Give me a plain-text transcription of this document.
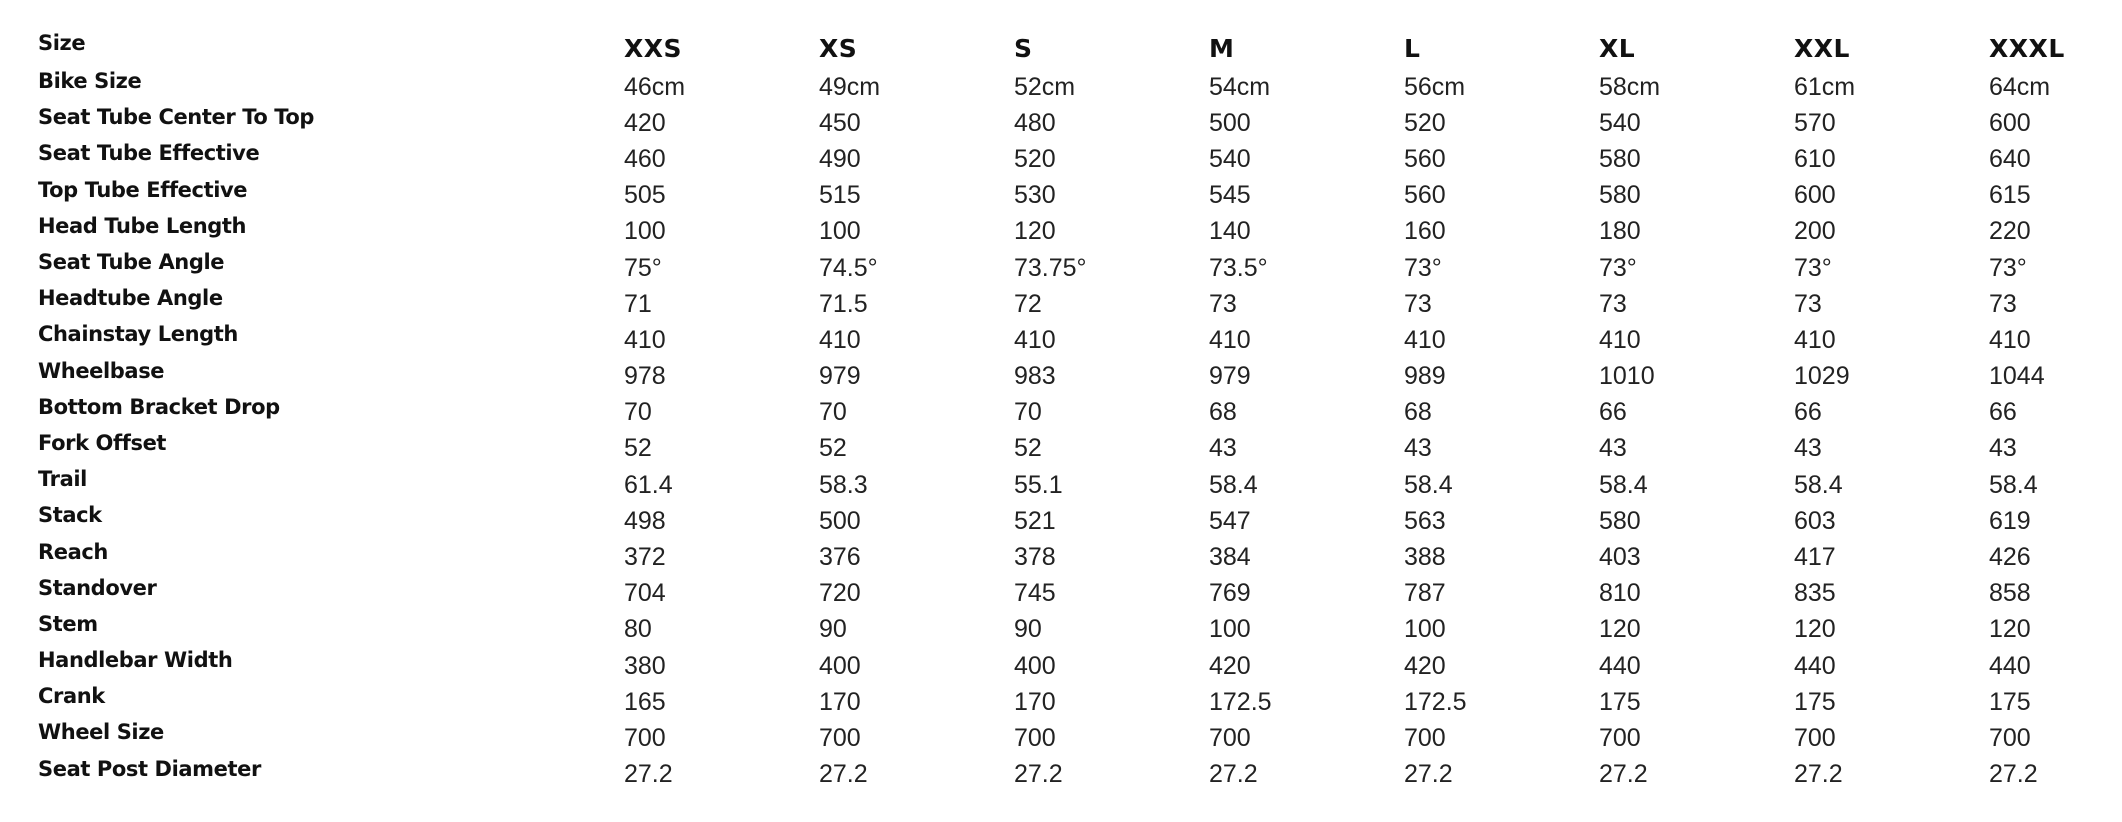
Size	XXS	XS	S	M	L	XL	XXL	XXXL
Bike Size	46cm	49cm	52cm	54cm	56cm	58cm	61cm	64cm
Seat Tube Center To Top	420	450	480	500	520	540	570	600
Seat Tube Effective	460	490	520	540	560	580	610	640
Top Tube Effective	505	515	530	545	560	580	600	615
Head Tube Length	100	100	120	140	160	180	200	220
Seat Tube Angle	75°	74.5°	73.75°	73.5°	73°	73°	73°	73°
Headtube Angle	71	71.5	72	73	73	73	73	73
Chainstay Length	410	410	410	410	410	410	410	410
Wheelbase	978	979	983	979	989	1010	1029	1044
Bottom Bracket Drop	70	70	70	68	68	66	66	66
Fork Offset	52	52	52	43	43	43	43	43
Trail	61.4	58.3	55.1	58.4	58.4	58.4	58.4	58.4
Stack	498	500	521	547	563	580	603	619
Reach	372	376	378	384	388	403	417	426
Standover	704	720	745	769	787	810	835	858
Stem	80	90	90	100	100	120	120	120
Handlebar Width	380	400	400	420	420	440	440	440
Crank	165	170	170	172.5	172.5	175	175	175
Wheel Size	700	700	700	700	700	700	700	700
Seat Post Diameter	27.2	27.2	27.2	27.2	27.2	27.2	27.2	27.2
